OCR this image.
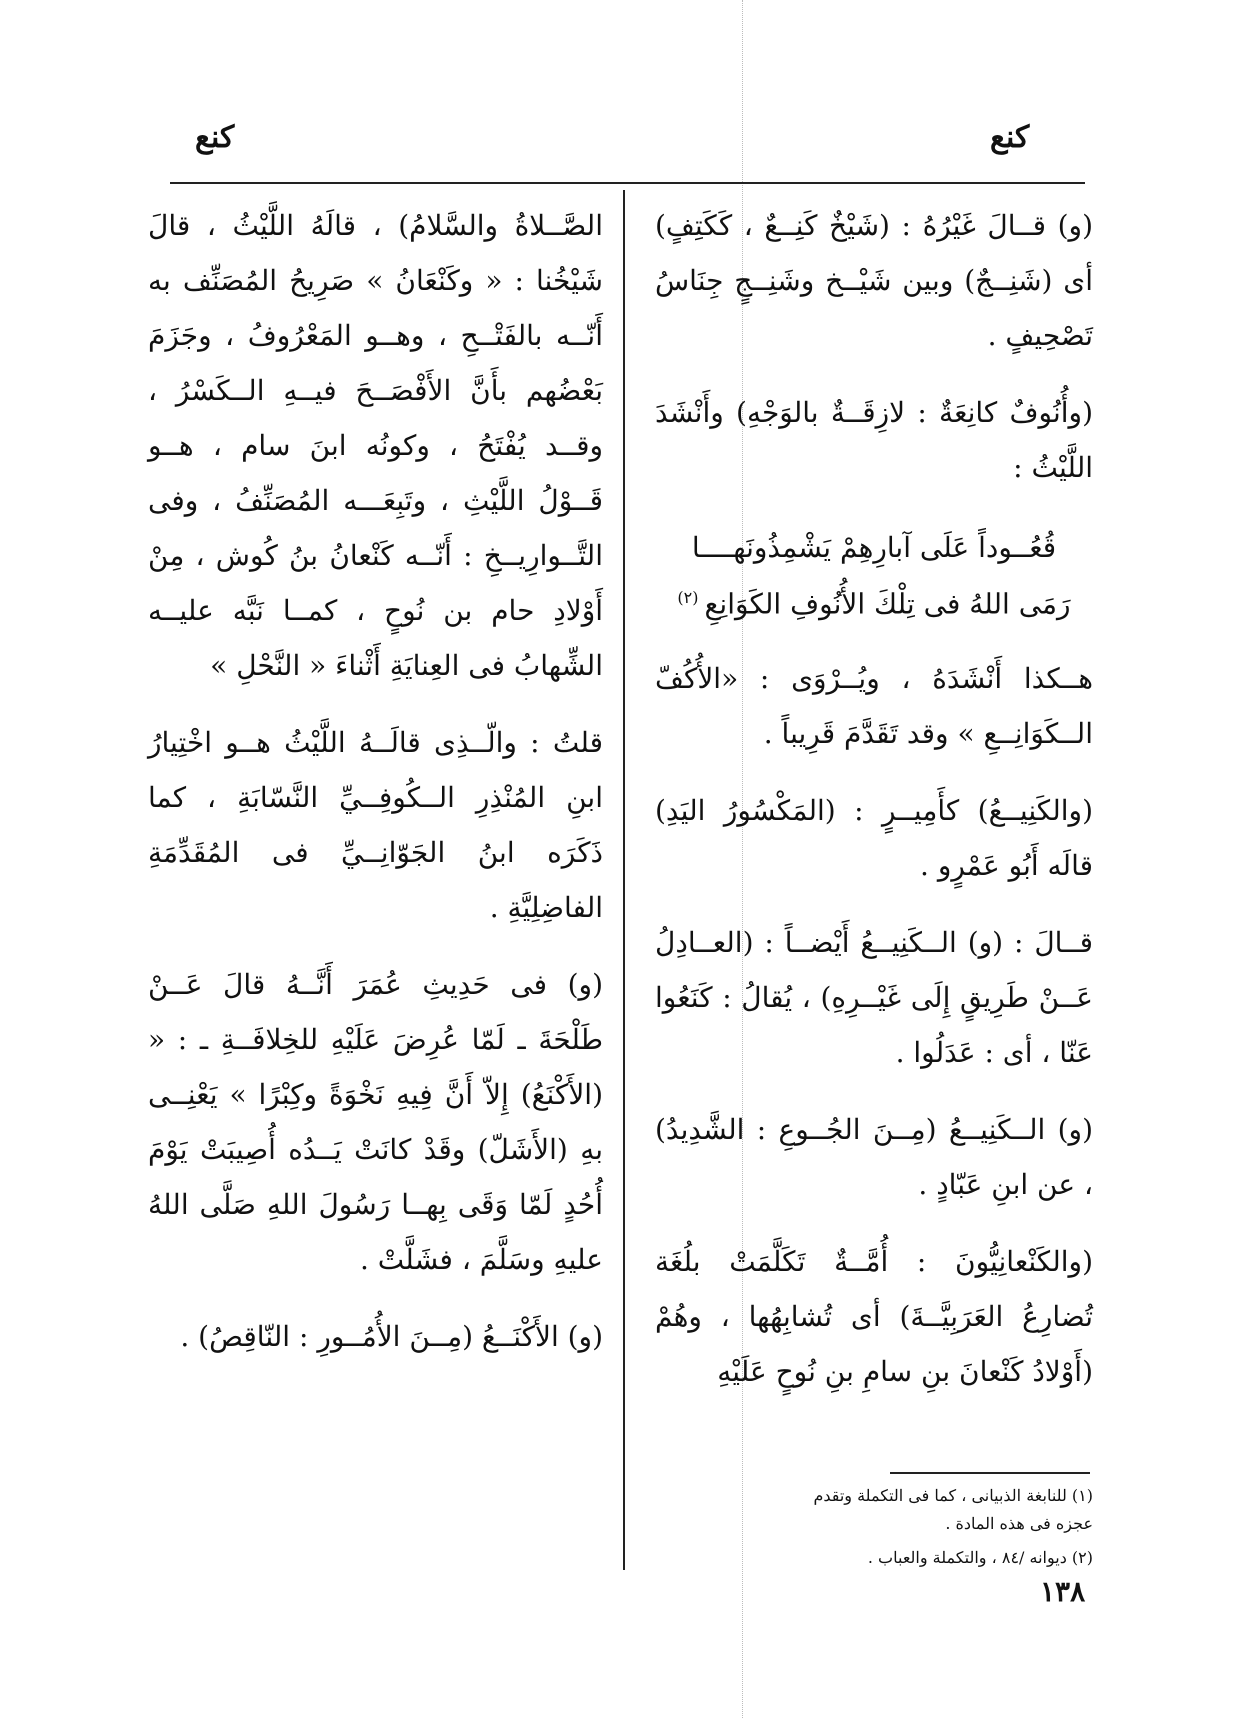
كنع
كنع

(و) قــالَ غَيْرُهُ : (شَيْخٌ كَنِــعٌ ، كَكَتِفٍ) أى (شَنِــجٌ) وبين شَيْــخ وشَنِــجٍ جِنَاسُ تَصْحِيفٍ .

(وأُنُوفٌ كانِعَةٌ : لازِقَــةٌ بالوَجْهِ) وأَنْشَدَ اللَّيْثُ :

قُعُــوداً عَلَى آبارِهِمْ يَشْمِذُونَهــــا
رَمَى اللهُ فى تِلْكَ الأُنُوفِ الكَوَانِعِ$^{(٢)}$

هــكذا أَنْشَدَهُ ، ويُــرْوَى : «الأُكُفّ الــكَوَانِــعِ » وقد تَقَدَّمَ قَرِيباً .

(والكَنِيــعُ) كأَمِيــرٍ : (المَكْسُورُ اليَدِ) قالَه أَبُو عَمْرٍو .

قــالَ : (و) الــكَنِيــعُ أَيْضــاً : (العــادِلُ عَــنْ طَرِيقٍ إِلَى غَيْــرِهِ) ، يُقالُ : كَنَعُوا عَنّا ، أى : عَدَلُوا .

(و) الــكَنِيــعُ (مِــنَ الجُــوعِ : الشَّدِيدُ) ، عن ابنِ عَبّادٍ .

(والكَنْعانِيُّونَ : أُمَّــةٌ تَكَلَّمَتْ بلُغَة تُضارِعُ العَرَبِيَّــةَ) أى تُشابِهُها ، وهُمْ (أَوْلادُ كَنْعانَ بنِ سامِ بنِ نُوحٍ عَلَيْهِ

الصَّــلاةُ والسَّلامُ) ، قالَهُ اللَّيْثُ ، قالَ شَيْخُنا : « وكَنْعَانُ » صَرِيحُ المُصَنِّف به أَنّــه بالفَتْــحِ ، وهــو المَعْرُوفُ ، وجَزَمَ بَعْضُهم بأَنَّ الأَفْصَــحَ فيــهِ الــكَسْرُ ، وقــد يُفْتَحُ ، وكونُه ابنَ سام ، هــو قَــوْلُ اللَّيْثِ ، وتَبِعَـــه المُصَنِّفُ ، وفى التَّــوارِيــخِ : أَنّــه كَنْعانُ بنُ كُوش ، مِنْ أَوْلادِ حام بن نُوحٍ ، كمــا نَبَّه عليــه الشِّهابُ فى العِنايَةِ أَثْناءَ « النَّحْلِ »

قلتُ : والّــذِى قالَــهُ اللَّيْثُ هــو اخْتِيارُ ابنِ المُنْذِرِ الــكُوفِــيِّ النَّسّابَةِ ، كما ذَكَرَه ابنُ الجَوّانِــيِّ فى المُقَدِّمَةِ الفاضِلِيَّةِ .

(و) فى حَدِيثِ عُمَرَ أَنَّــهُ قالَ عَــنْ طَلْحَةَ ـ لَمّا عُرِضَ عَلَيْهِ للخِلافَــةِ ـ : « (الأَكْنَعُ) إِلاّ أَنَّ فِيهِ نَخْوَةً وكِبْرًا » يَعْنِــى بهِ (الأَشَلّ) وقَدْ كانَتْ يَــدُه أُصِيبَتْ يَوْمَ أُحُدٍ لَمّا وَقَى بِهــا رَسُولَ اللهِ صَلَّى اللهُ عليهِ وسَلَّمَ ، فشَلَّتْ .

(و) الأَكْنَــعُ (مِــنَ الأُمُــورِ : النّاقِصُ) .

(١) للنابغة الذبيانى ، كما فى التكملة وتقدم عجزه فى هذه المادة .

(٢) ديوانه /٨٤ ، والتكملة والعباب .

١٣٨
